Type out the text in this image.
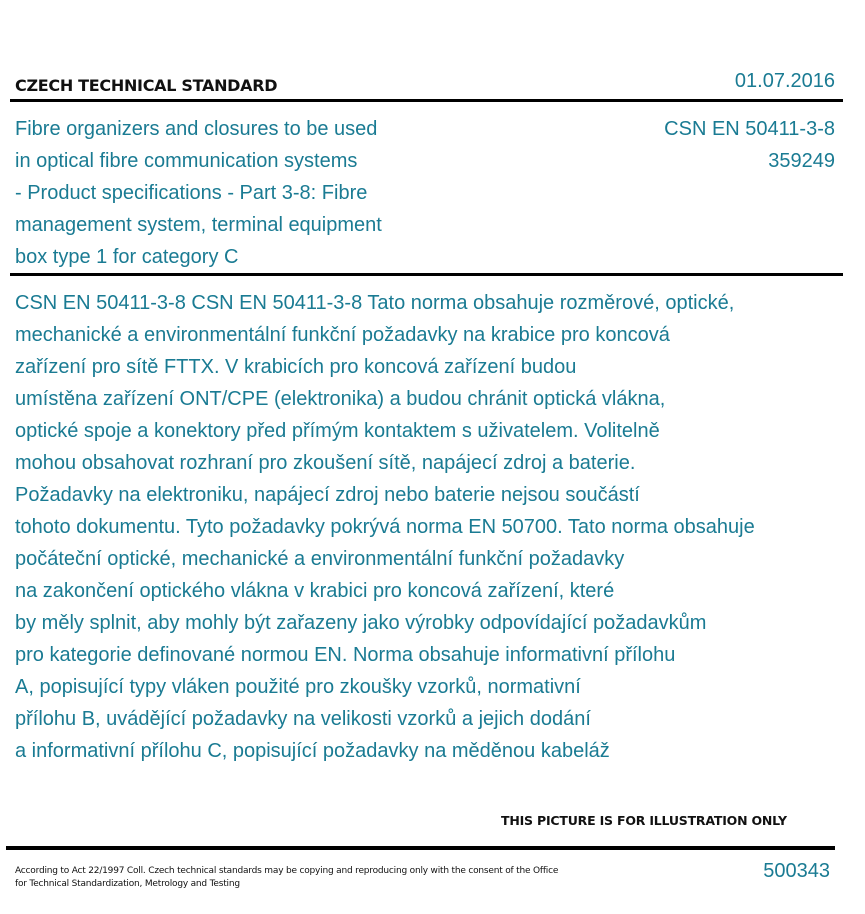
CZECH TECHNICAL STANDARD	01.07.2016
Fibre organizers and closures to be used
in optical fibre communication systems
- Product specifications - Part 3-8: Fibre
management system, terminal equipment
box type 1 for category C
CSN EN 50411-3-8
359249
CSN EN 50411-3-8 CSN EN 50411-3-8 Tato norma obsahuje rozměrové, optické,
mechanické a environmentální funkční požadavky na krabice pro koncová
zařízení pro sítě FTTX. V krabicích pro koncová zařízení budou
umístěna zařízení ONT/CPE (elektronika) a budou chránit optická vlákna,
optické spoje a konektory před přímým kontaktem s uživatelem. Volitelně
mohou obsahovat rozhraní pro zkoušení sítě, napájecí zdroj a baterie.
Požadavky na elektroniku, napájecí zdroj nebo baterie nejsou součástí
tohoto dokumentu. Tyto požadavky pokrývá norma EN 50700. Tato norma obsahuje
počáteční optické, mechanické a environmentální funkční požadavky
na zakončení optického vlákna v krabici pro koncová zařízení, které
by měly splnit, aby mohly být zařazeny jako výrobky odpovídající požadavkům
pro kategorie definované normou EN. Norma obsahuje informativní přílohu
A, popisující typy vláken použité pro zkoušky vzorků, normativní
přílohu B, uvádějící požadavky na velikosti vzorků a jejich dodání
a informativní přílohu C, popisující požadavky na měděnou kabeláž
THIS PICTURE IS FOR ILLUSTRATION ONLY
According to Act 22/1997 Coll. Czech technical standards may be copying and reproducing only with the consent of the Office
for Technical Standardization, Metrology and Testing
500343
